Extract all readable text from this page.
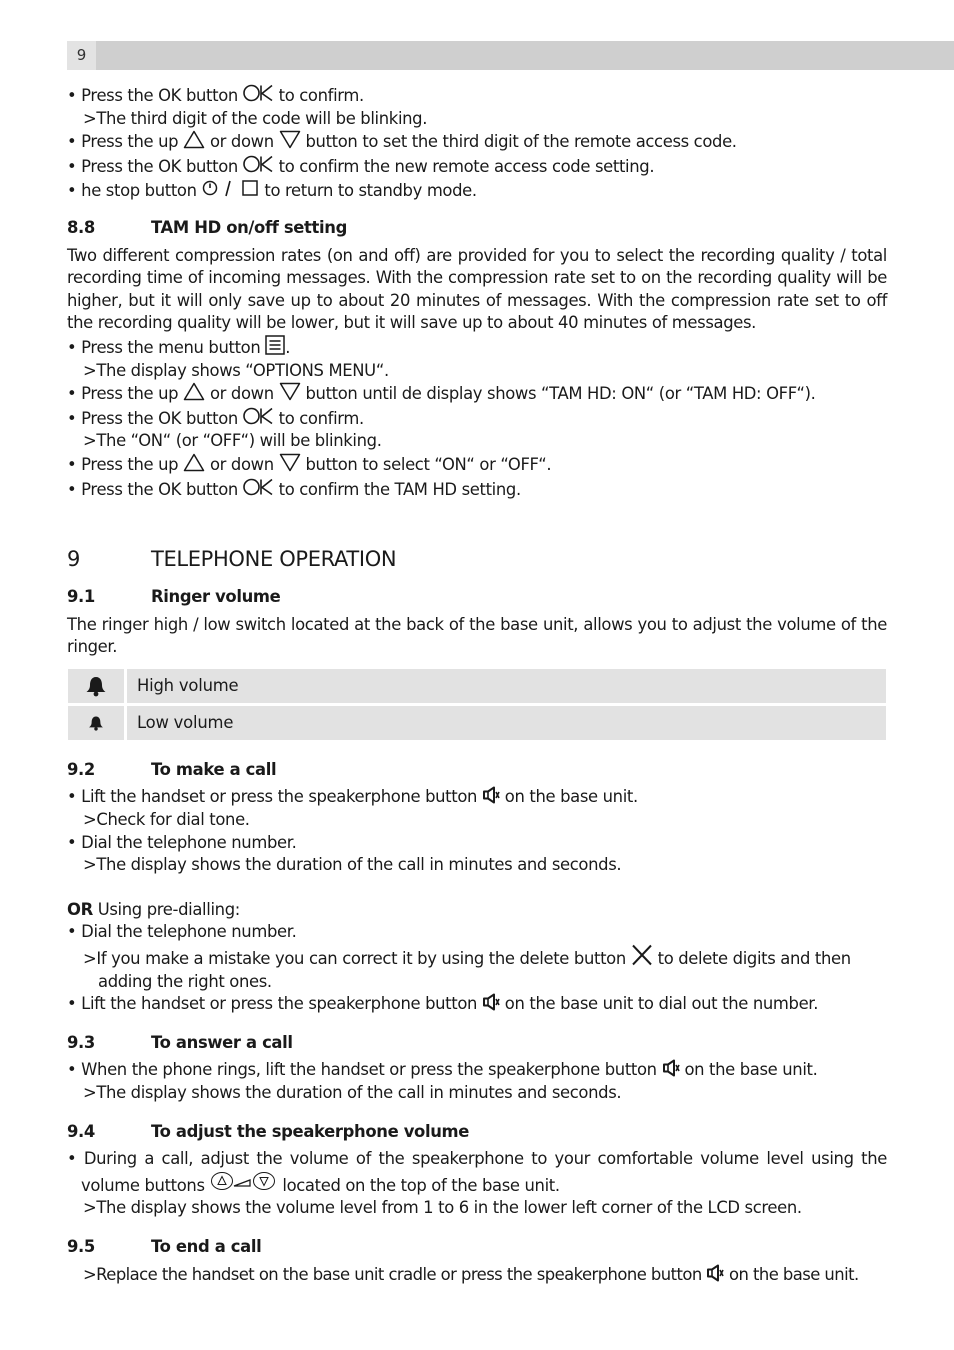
9
• Press the OK button to confirm.
>The third digit of the code will be blinking.
• Press the up or down button to set the third digit of the remote access code.
• Press the OK button to confirm the new remote access code setting.
• he stop button	to return to standby mode.
8.8	TAM HD on/off setting
Two different compression rates (on and off) are provided for you to select the recording quality / total recording time of incoming messages. With the compression rate set to on the recording quality will be higher, but it will only save up to about 20 minutes of messages. With the compression rate set to off the recording quality will be lower, but it will save up to about 40 minutes of messages.
• Press the menu button .
>The display shows “OPTIONS MENU“.
• Press the up or down button until de display shows “TAM HD: ON“ (or “TAM HD: OFF“).
• Press the OK button to confirm.
>The “ON“ (or “OFF“) will be blinking.
• Press the up or down button to select “ON“ or “OFF“.
• Press the OK button to confirm the TAM HD setting.
9	TELEPHONE OPERATION
9.1	Ringer volume
The ringer high / low switch located at the back of the base unit, allows you to adjust the volume of the ringer.
	High volume
	Low volume
9.2	To make a call
• Lift the handset or press the speakerphone button on the base unit.
>Check for dial tone.
• Dial the telephone number.
>The display shows the duration of the call in minutes and seconds.
OR Using pre-dialling:
• Dial the telephone number.
>If you make a mistake you can correct it by using the delete button to delete digits and then
adding the right ones.
• Lift the handset or press the speakerphone button on the base unit to dial out the number.
9.3	To answer a call
• When the phone rings, lift the handset or press the speakerphone button on the base unit.
>The display shows the duration of the call in minutes and seconds.
9.4	To adjust the speakerphone volume
• During a call, adjust the volume of the speakerphone to your comfortable volume level using the
volume buttons	located on the top of the base unit.
>The display shows the volume level from 1 to 6 in the lower left corner of the LCD screen.
9.5	To end a call
>Replace the handset on the base unit cradle or press the speakerphone button on the base unit.
